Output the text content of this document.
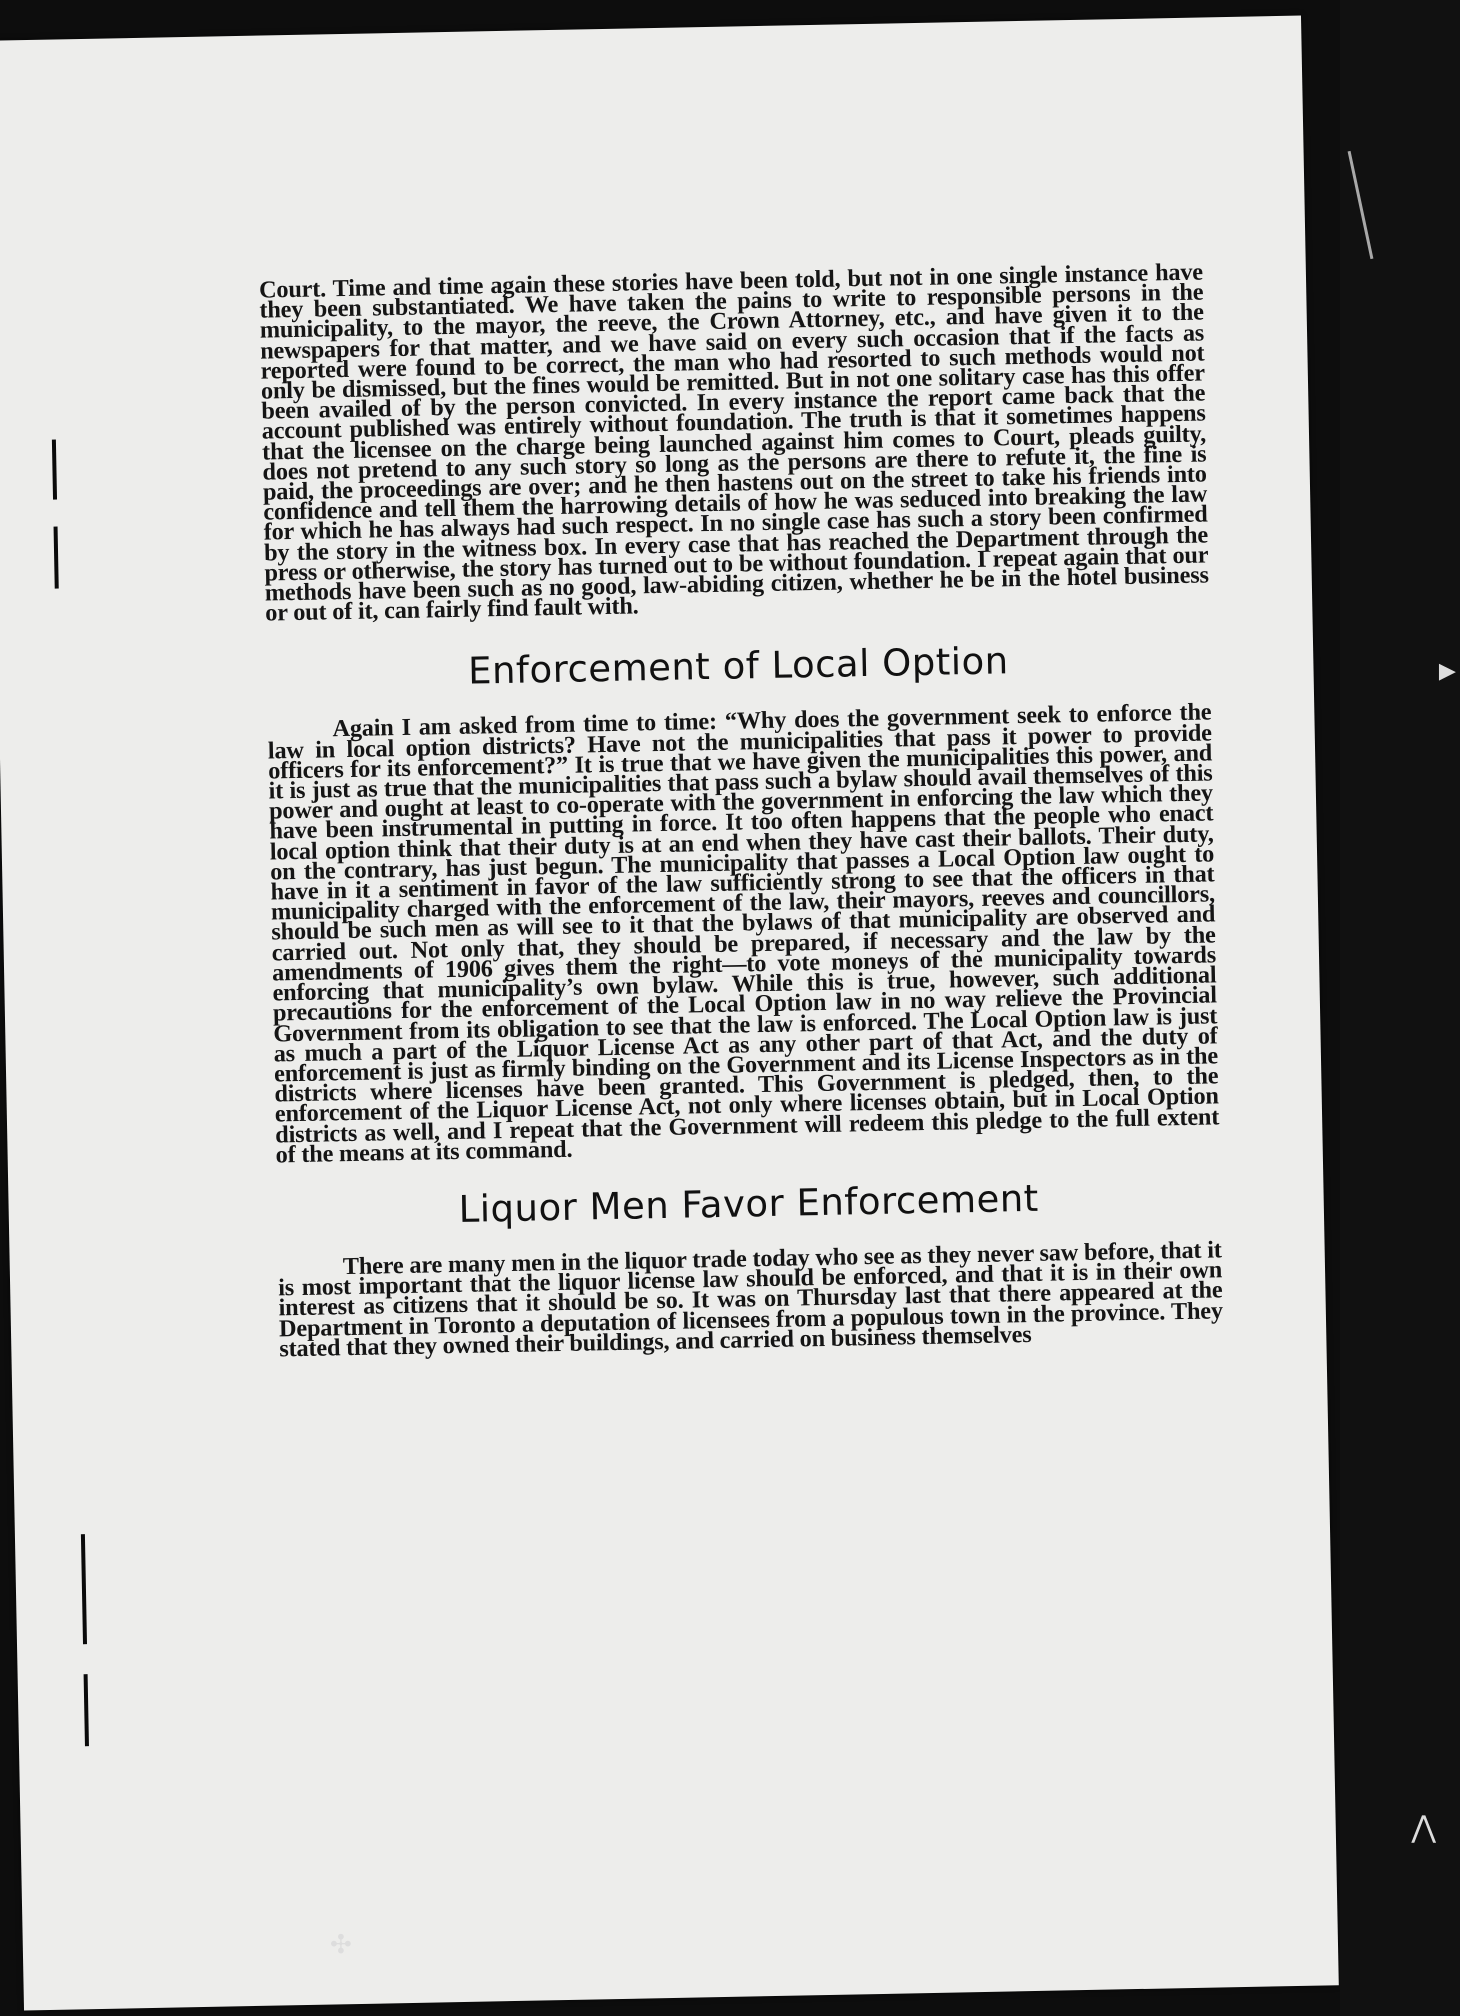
Court. Time and time again these stories have been told, but not in one single instance have they been substantiated. We have taken the pains to write to responsible persons in the municipality, to the mayor, the reeve, the Crown Attorney, etc., and have given it to the newspapers for that matter, and we have said on every such occasion that if the facts as reported were found to be correct, the man who had resorted to such methods would not only be dismissed, but the fines would be remitted. But in not one solitary case has this offer been availed of by the person convicted. In every instance the report came back that the account published was entirely without foundation. The truth is that it sometimes happens that the licensee on the charge being launched against him comes to Court, pleads guilty, does not pretend to any such story so long as the persons are there to refute it, the fine is paid, the proceedings are over; and he then hastens out on the street to take his friends into confidence and tell them the harrowing details of how he was seduced into breaking the law for which he has always had such respect. In no single case has such a story been confirmed by the story in the witness box. In every case that has reached the Department through the press or otherwise, the story has turned out to be without foundation. I repeat again that our methods have been such as no good, law-abiding citizen, whether he be in the hotel business or out of it, can fairly find fault with.

Enforcement of Local Option

Again I am asked from time to time: “Why does the government seek to enforce the law in local option districts? Have not the municipalities that pass it power to provide officers for its enforcement?” It is true that we have given the municipalities this power, and it is just as true that the municipalities that pass such a bylaw should avail themselves of this power and ought at least to co-operate with the government in enforcing the law which they have been instrumental in putting in force. It too often happens that the people who enact local option think that their duty is at an end when they have cast their ballots. Their duty, on the contrary, has just begun. The municipality that passes a Local Option law ought to have in it a sentiment in favor of the law sufficiently strong to see that the officers in that municipality charged with the enforcement of the law, their mayors, reeves and councillors, should be such men as will see to it that the bylaws of that municipality are observed and carried out. Not only that, they should be prepared, if necessary and the law by the amendments of 1906 gives them the right—to vote moneys of the municipality towards enforcing that municipality’s own bylaw. While this is true, however, such additional precautions for the enforcement of the Local Option law in no way relieve the Provincial Government from its obligation to see that the law is enforced. The Local Option law is just as much a part of the Liquor License Act as any other part of that Act, and the duty of enforcement is just as firmly binding on the Government and its License Inspectors as in the districts where licenses have been granted. This Government is pledged, then, to the enforcement of the Liquor License Act, not only where licenses obtain, but in Local Option districts as well, and I repeat that the Government will redeem this pledge to the full extent of the means at its command.

Liquor Men Favor Enforcement

There are many men in the liquor trade today who see as they never saw before, that it is most important that the liquor license law should be enforced, and that it is in their own interest as citizens that it should be so. It was on Thursday last that there appeared at the Department in Toronto a deputation of licensees from a populous town in the province. They stated that they owned their buildings, and carried on business themselves

▸
⋀
✣
